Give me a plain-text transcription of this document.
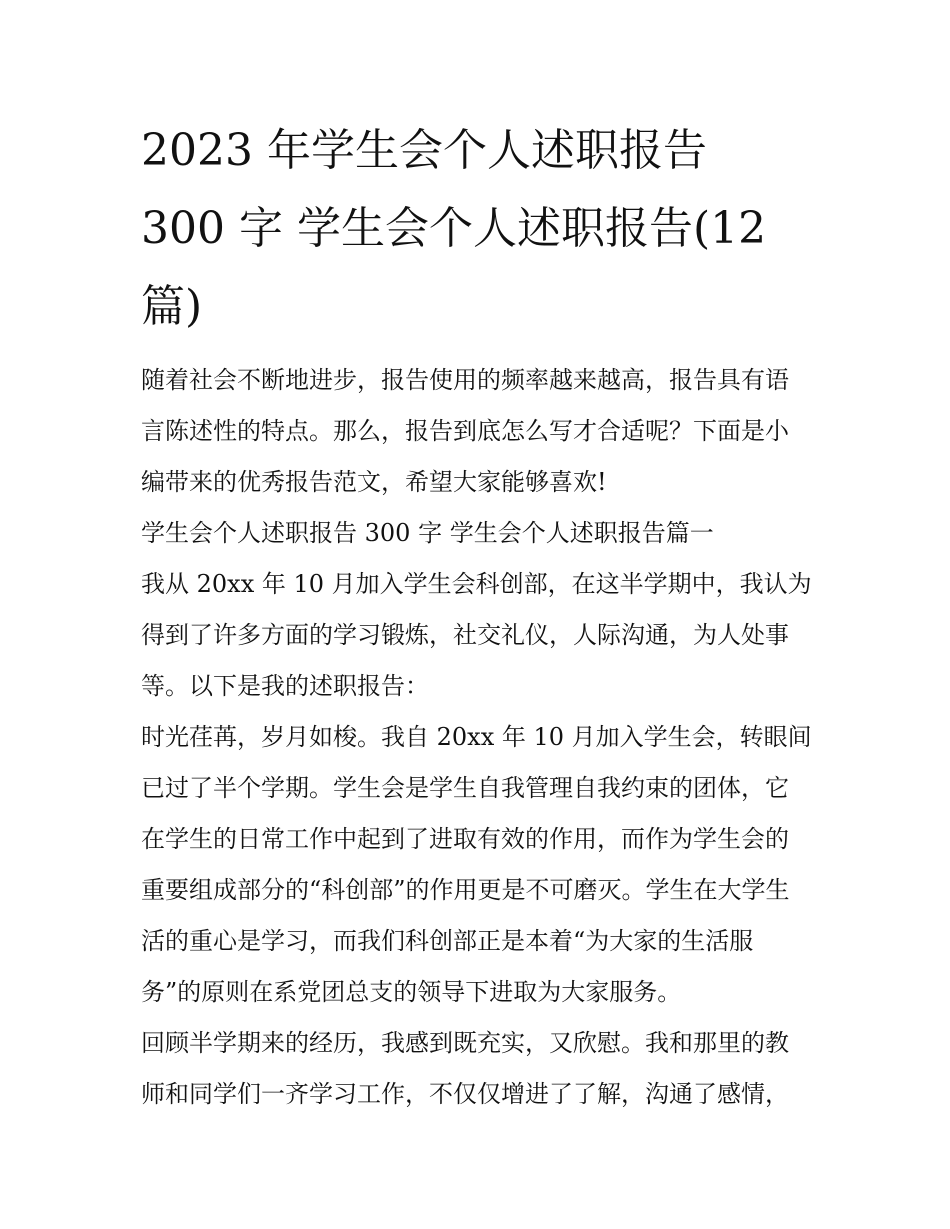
2023 年学生会个人述职报告
300 字 学生会个人述职报告(12
篇)

随着社会不断地进步，报告使用的频率越来越高，报告具有语
言陈述性的特点。那么，报告到底怎么写才合适呢？下面是小
编带来的优秀报告范文，希望大家能够喜欢!

学生会个人述职报告 300 字 学生会个人述职报告篇一

我从 20xx 年 10 月加入学生会科创部，在这半学期中，我认为
得到了许多方面的学习锻炼，社交礼仪，人际沟通，为人处事
等。以下是我的述职报告：

时光荏苒，岁月如梭。我自 20xx 年 10 月加入学生会，转眼间
已过了半个学期。学生会是学生自我管理自我约束的团体，它
在学生的日常工作中起到了进取有效的作用，而作为学生会的
重要组成部分的“科创部”的作用更是不可磨灭。学生在大学生
活的重心是学习，而我们科创部正是本着“为大家的生活服
务”的原则在系党团总支的领导下进取为大家服务。

回顾半学期来的经历，我感到既充实，又欣慰。我和那里的教
师和同学们一齐学习工作，不仅仅增进了了解，沟通了感情，
